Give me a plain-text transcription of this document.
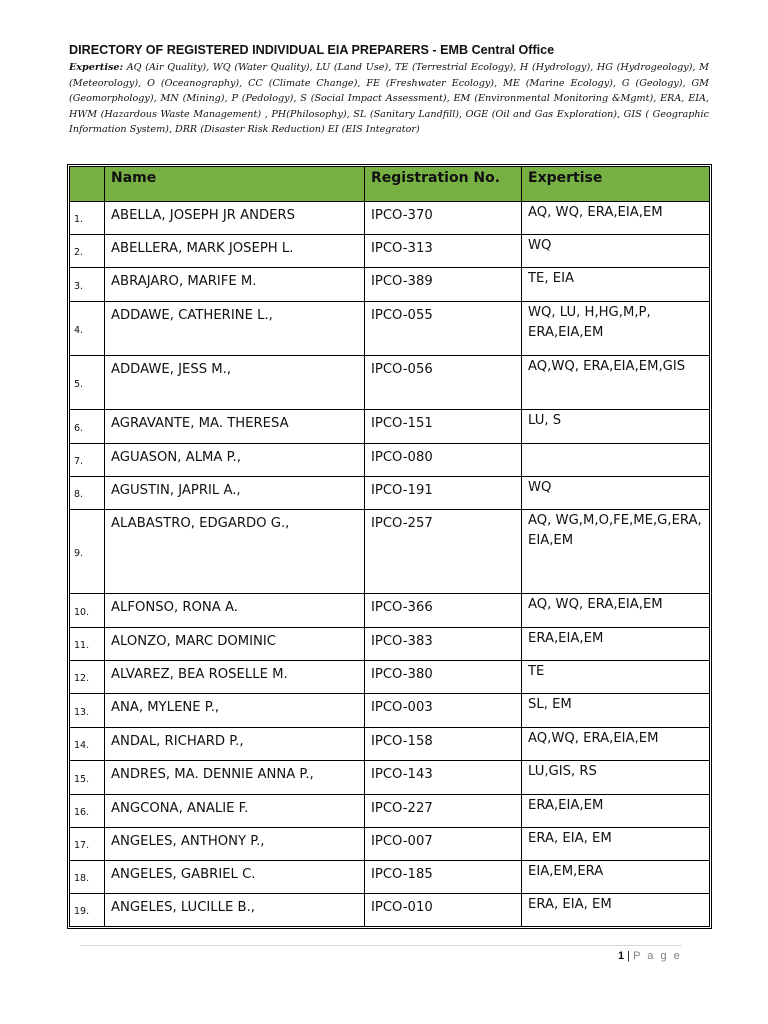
DIRECTORY OF REGISTERED INDIVIDUAL EIA PREPARERS - EMB Central Office
Expertise: AQ (Air Quality), WQ (Water Quality), LU (Land Use), TE (Terrestrial Ecology), H (Hydrology), HG (Hydrogeology), M (Meteorology), O (Oceanography), CC (Climate Change), FE (Freshwater Ecology), ME (Marine Ecology), G (Geology), GM (Geomorphology), MN (Mining), P (Pedology), S (Social Impact Assessment), EM (Environmental Monitoring &Mgmt), ERA, EIA, HWM (Hazardous Waste Management) , PH(Philosophy), SL (Sanitary Landfill), OGE (Oil and Gas Exploration), GIS ( Geographic Information System), DRR (Disaster Risk Reduction) EI (EIS Integrator)
	Name	Registration No.	Expertise
1.	ABELLA, JOSEPH JR ANDERS	IPCO-370	AQ, WQ, ERA,EIA,EM
2.	ABELLERA, MARK JOSEPH L.	IPCO-313	WQ
3.	ABRAJARO, MARIFE M.	IPCO-389	TE, EIA
4.	ADDAWE, CATHERINE L.,	IPCO-055	WQ, LU, H,HG,M,P, ERA,EIA,EM
5.	ADDAWE, JESS M.,	IPCO-056	AQ,WQ, ERA,EIA,EM,GIS
6.	AGRAVANTE, MA. THERESA	IPCO-151	LU, S
7.	AGUASON, ALMA P.,	IPCO-080	
8.	AGUSTIN, JAPRIL A.,	IPCO-191	WQ
9.	ALABASTRO, EDGARDO G.,	IPCO-257	AQ, WG,M,O,FE,ME,G,ERA, EIA,EM
10.	ALFONSO, RONA A.	IPCO-366	AQ, WQ, ERA,EIA,EM
11.	ALONZO, MARC DOMINIC	IPCO-383	ERA,EIA,EM
12.	ALVAREZ, BEA ROSELLE M.	IPCO-380	TE
13.	ANA, MYLENE P.,	IPCO-003	SL, EM
14.	ANDAL, RICHARD P.,	IPCO-158	AQ,WQ, ERA,EIA,EM
15.	ANDRES, MA. DENNIE ANNA P.,	IPCO-143	LU,GIS, RS
16.	ANGCONA, ANALIE F.	IPCO-227	ERA,EIA,EM
17.	ANGELES, ANTHONY P.,	IPCO-007	ERA, EIA, EM
18.	ANGELES, GABRIEL C.	IPCO-185	EIA,EM,ERA
19.	ANGELES, LUCILLE B.,	IPCO-010	ERA, EIA, EM
1 | P a g e
